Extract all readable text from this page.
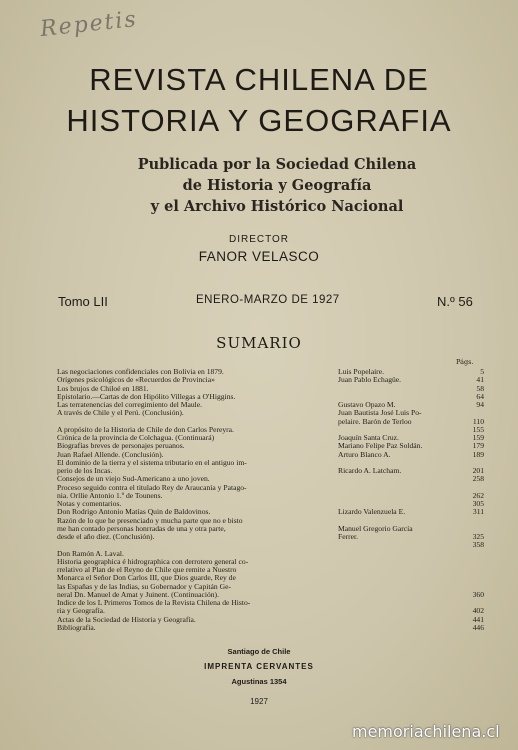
Repetis
REVISTA CHILENA DE
HISTORIA Y GEOGRAFIA
Publicada por la Sociedad Chilena
de Historia y Geografía
y el Archivo Histórico Nacional
DIRECTOR
FANOR VELASCO
Tomo LII	ENERO-MARZO DE 1927	N.º 56
SUMARIO
Págs.
Las negociaciones confidenciales con Bolivia en 1879.
Orígenes psicológicos de «Recuerdos de Provincia»
Los brujos de Chiloé en 1881.
Epistolario.—Cartas de don Hipólito Villegas a O'Higgins.
Las terratenencias del corregimiento del Maule.
A través de Chile y el Perú. (Conclusión).
A propósito de la Historia de Chile de don Carlos Pereyra.
Crónica de la provincia de Colchagua. (Continuará)
Biografías breves de personajes peruanos.
Juan Rafael Allende. (Conclusión).
El dominio de la tierra y el sistema tributario en el antiguo im-
perio de los Incas.
Consejos de un viejo Sud-Americano a uno joven.
Proceso seguido contra el titulado Rey de Araucanía y Patago-
nia. Orllie Antonio 1.º de Tounens.
Notas y comentarios.
Don Rodrigo Antonio Matías Quin de Baldovinos.
Razón de lo que he presenciado y mucha parte que no e bisto
me han contado personas honrradas de una y otra parte,
desde el año diez. (Conclusión).
Don Ramón A. Laval.
Historia geographica é hidrographica con derrotero general co-
rrelativo al Plan de el Reyno de Chile que remite a Nuestro
Monarca el Señor Don Carlos III, que Dios guarde, Rey de
las Españas y de las Indias, su Gobernador y Capitán Ge-
neral Dn. Manuel de Amat y Juinent. (Continuación).
Indice de los L Primeros Tomos de la Revista Chilena de Histo-
ria y Geografía.
Actas de la Sociedad de Historia y Geografía.
Bibliografía.
Luis Popelaire.
Juan Pablo Echagüe.
Gustavo Opazo M.
Juan Bautista José Luis Po-
pelaire. Barón de Terloo
Joaquín Santa Cruz.
Mariano Felipe Paz Soldán.
Arturo Blanco A.
Ricardo A. Latcham.
Lizardo Valenzuela E.
Manuel Gregorio García
Ferrer.
5
41
58
64
94
110
155
159
179
189
201
258
262
305
311
325
358
360
402
441
446
Santiago de Chile
IMPRENTA CERVANTES
Agustinas 1354
1927
memoriachilena.cl
